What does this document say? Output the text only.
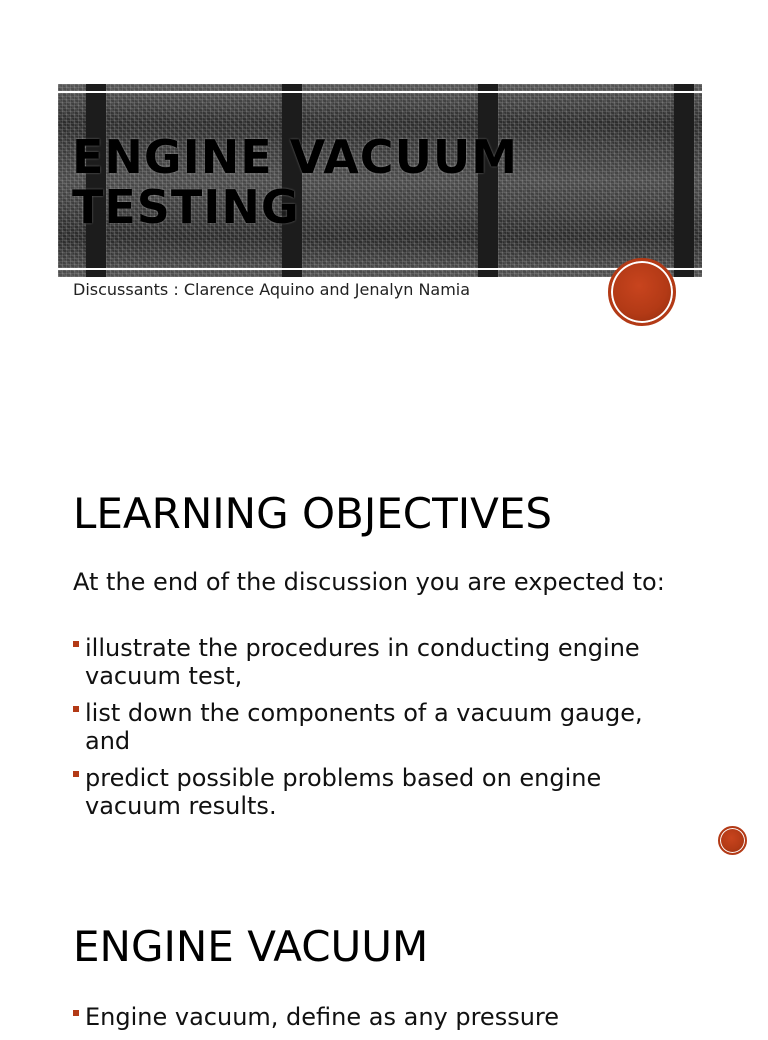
ENGINE VACUUM TESTING

Discussants : Clarence Aquino and Jenalyn Namia

LEARNING OBJECTIVES

At the end of the discussion you are expected to:

illustrate the procedures in conducting engine vacuum test,
list down the components of a vacuum gauge, and
predict possible problems based on engine vacuum results.
ENGINE VACUUM
Engine vacuum, define as any pressure
